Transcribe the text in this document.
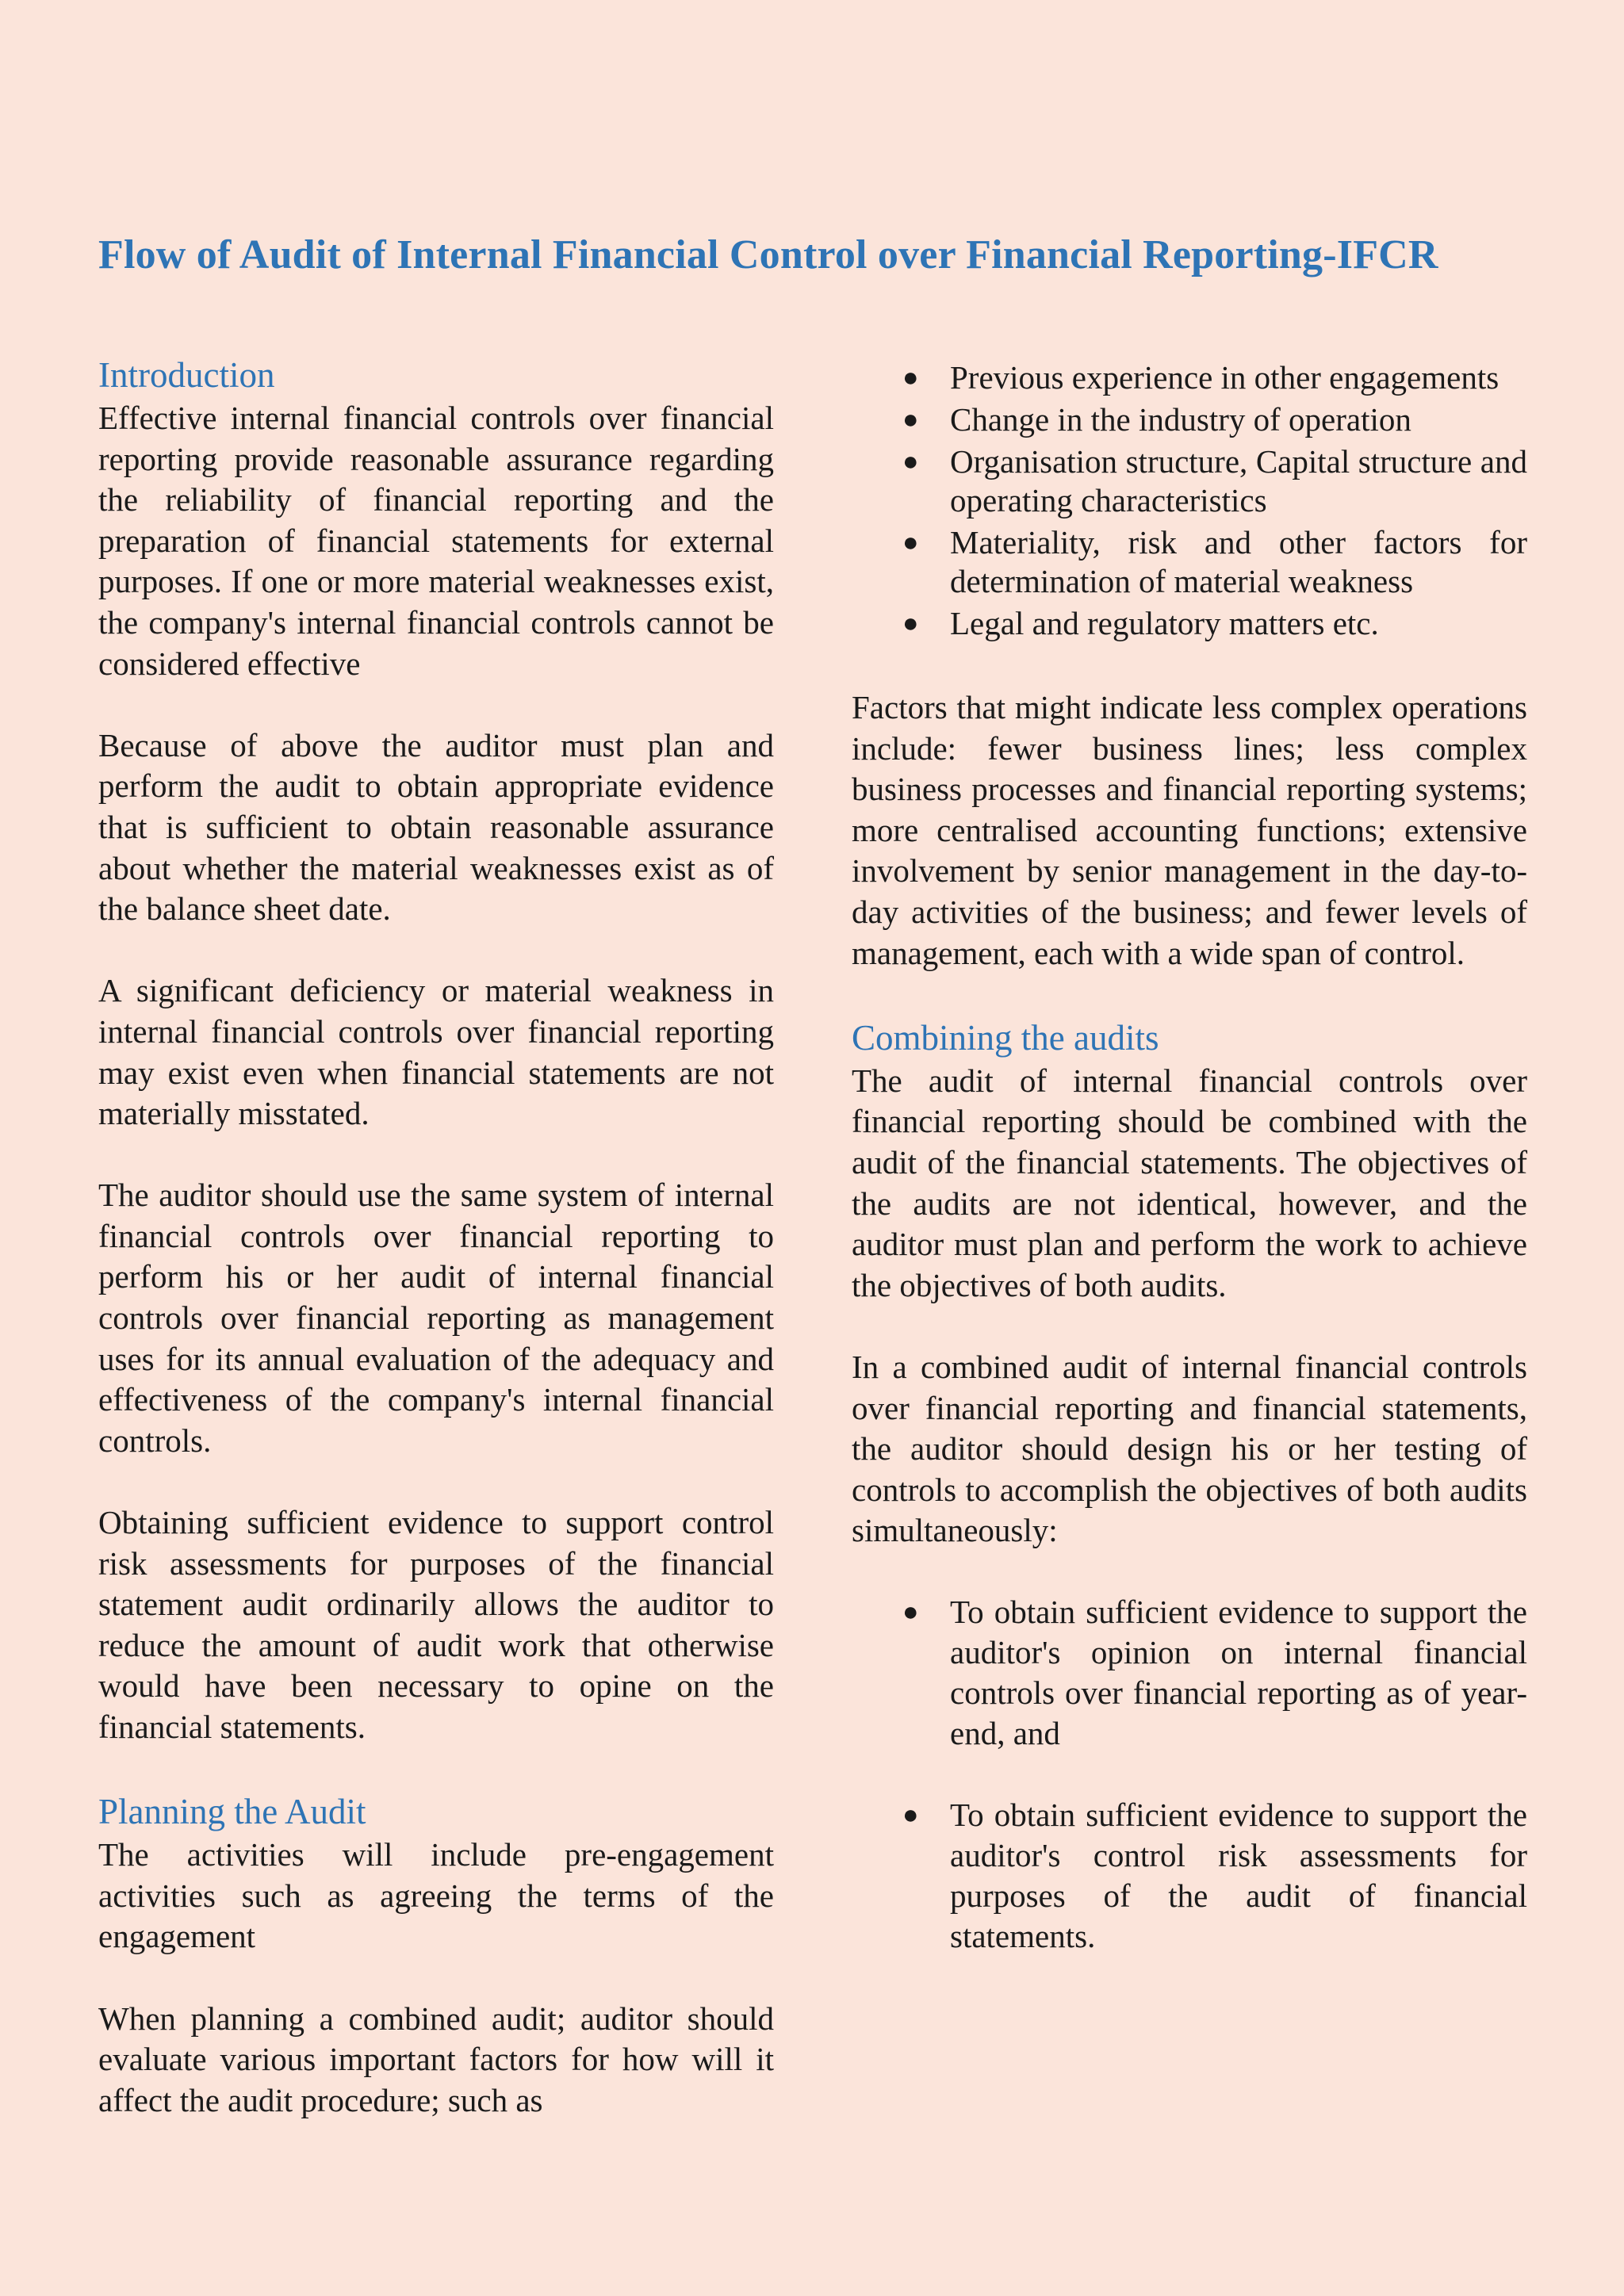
Flow of Audit of Internal Financial Control over Financial Reporting-IFCR
Introduction

Effective internal financial controls over financial reporting provide reasonable assurance regarding the reliability of financial reporting and the preparation of financial statements for external purposes. If one or more material weaknesses exist, the company's internal financial controls cannot be considered effective

Because of above the auditor must plan and perform the audit to obtain appropriate evidence that is sufficient to obtain reasonable assurance about whether the material weaknesses exist as of the balance sheet date.

A significant deficiency or material weakness in internal financial controls over financial reporting may exist even when financial statements are not materially misstated.

The auditor should use the same system of internal financial controls over financial reporting to perform his or her audit of internal financial controls over financial reporting as management uses for its annual evaluation of the adequacy and effectiveness of the company's internal financial controls.

Obtaining sufficient evidence to support control risk assessments for purposes of the financial statement audit ordinarily allows the auditor to reduce the amount of audit work that otherwise would have been necessary to opine on the financial statements.

Planning the Audit

The activities will include pre-engagement activities such as agreeing the terms of the engagement

When planning a combined audit; auditor should evaluate various important factors for how will it affect the audit procedure; such as

● Previous experience in other engagements
● Change in the industry of operation
● Organisation structure, Capital structure and operating characteristics
● Materiality, risk and other factors for determination of material weakness
● Legal and regulatory matters etc.

Factors that might indicate less complex operations include: fewer business lines; less complex business processes and financial reporting systems; more centralised accounting functions; extensive involvement by senior management in the day-to-day activities of the business; and fewer levels of management, each with a wide span of control.

Combining the audits

The audit of internal financial controls over financial reporting should be combined with the audit of the financial statements. The objectives of the audits are not identical, however, and the auditor must plan and perform the work to achieve the objectives of both audits.

In a combined audit of internal financial controls over financial reporting and financial statements, the auditor should design his or her testing of controls to accomplish the objectives of both audits simultaneously:

● To obtain sufficient evidence to support the auditor's opinion on internal financial controls over financial reporting as of year-end, and
● To obtain sufficient evidence to support the auditor's control risk assessments for purposes of the audit of financial statements.
